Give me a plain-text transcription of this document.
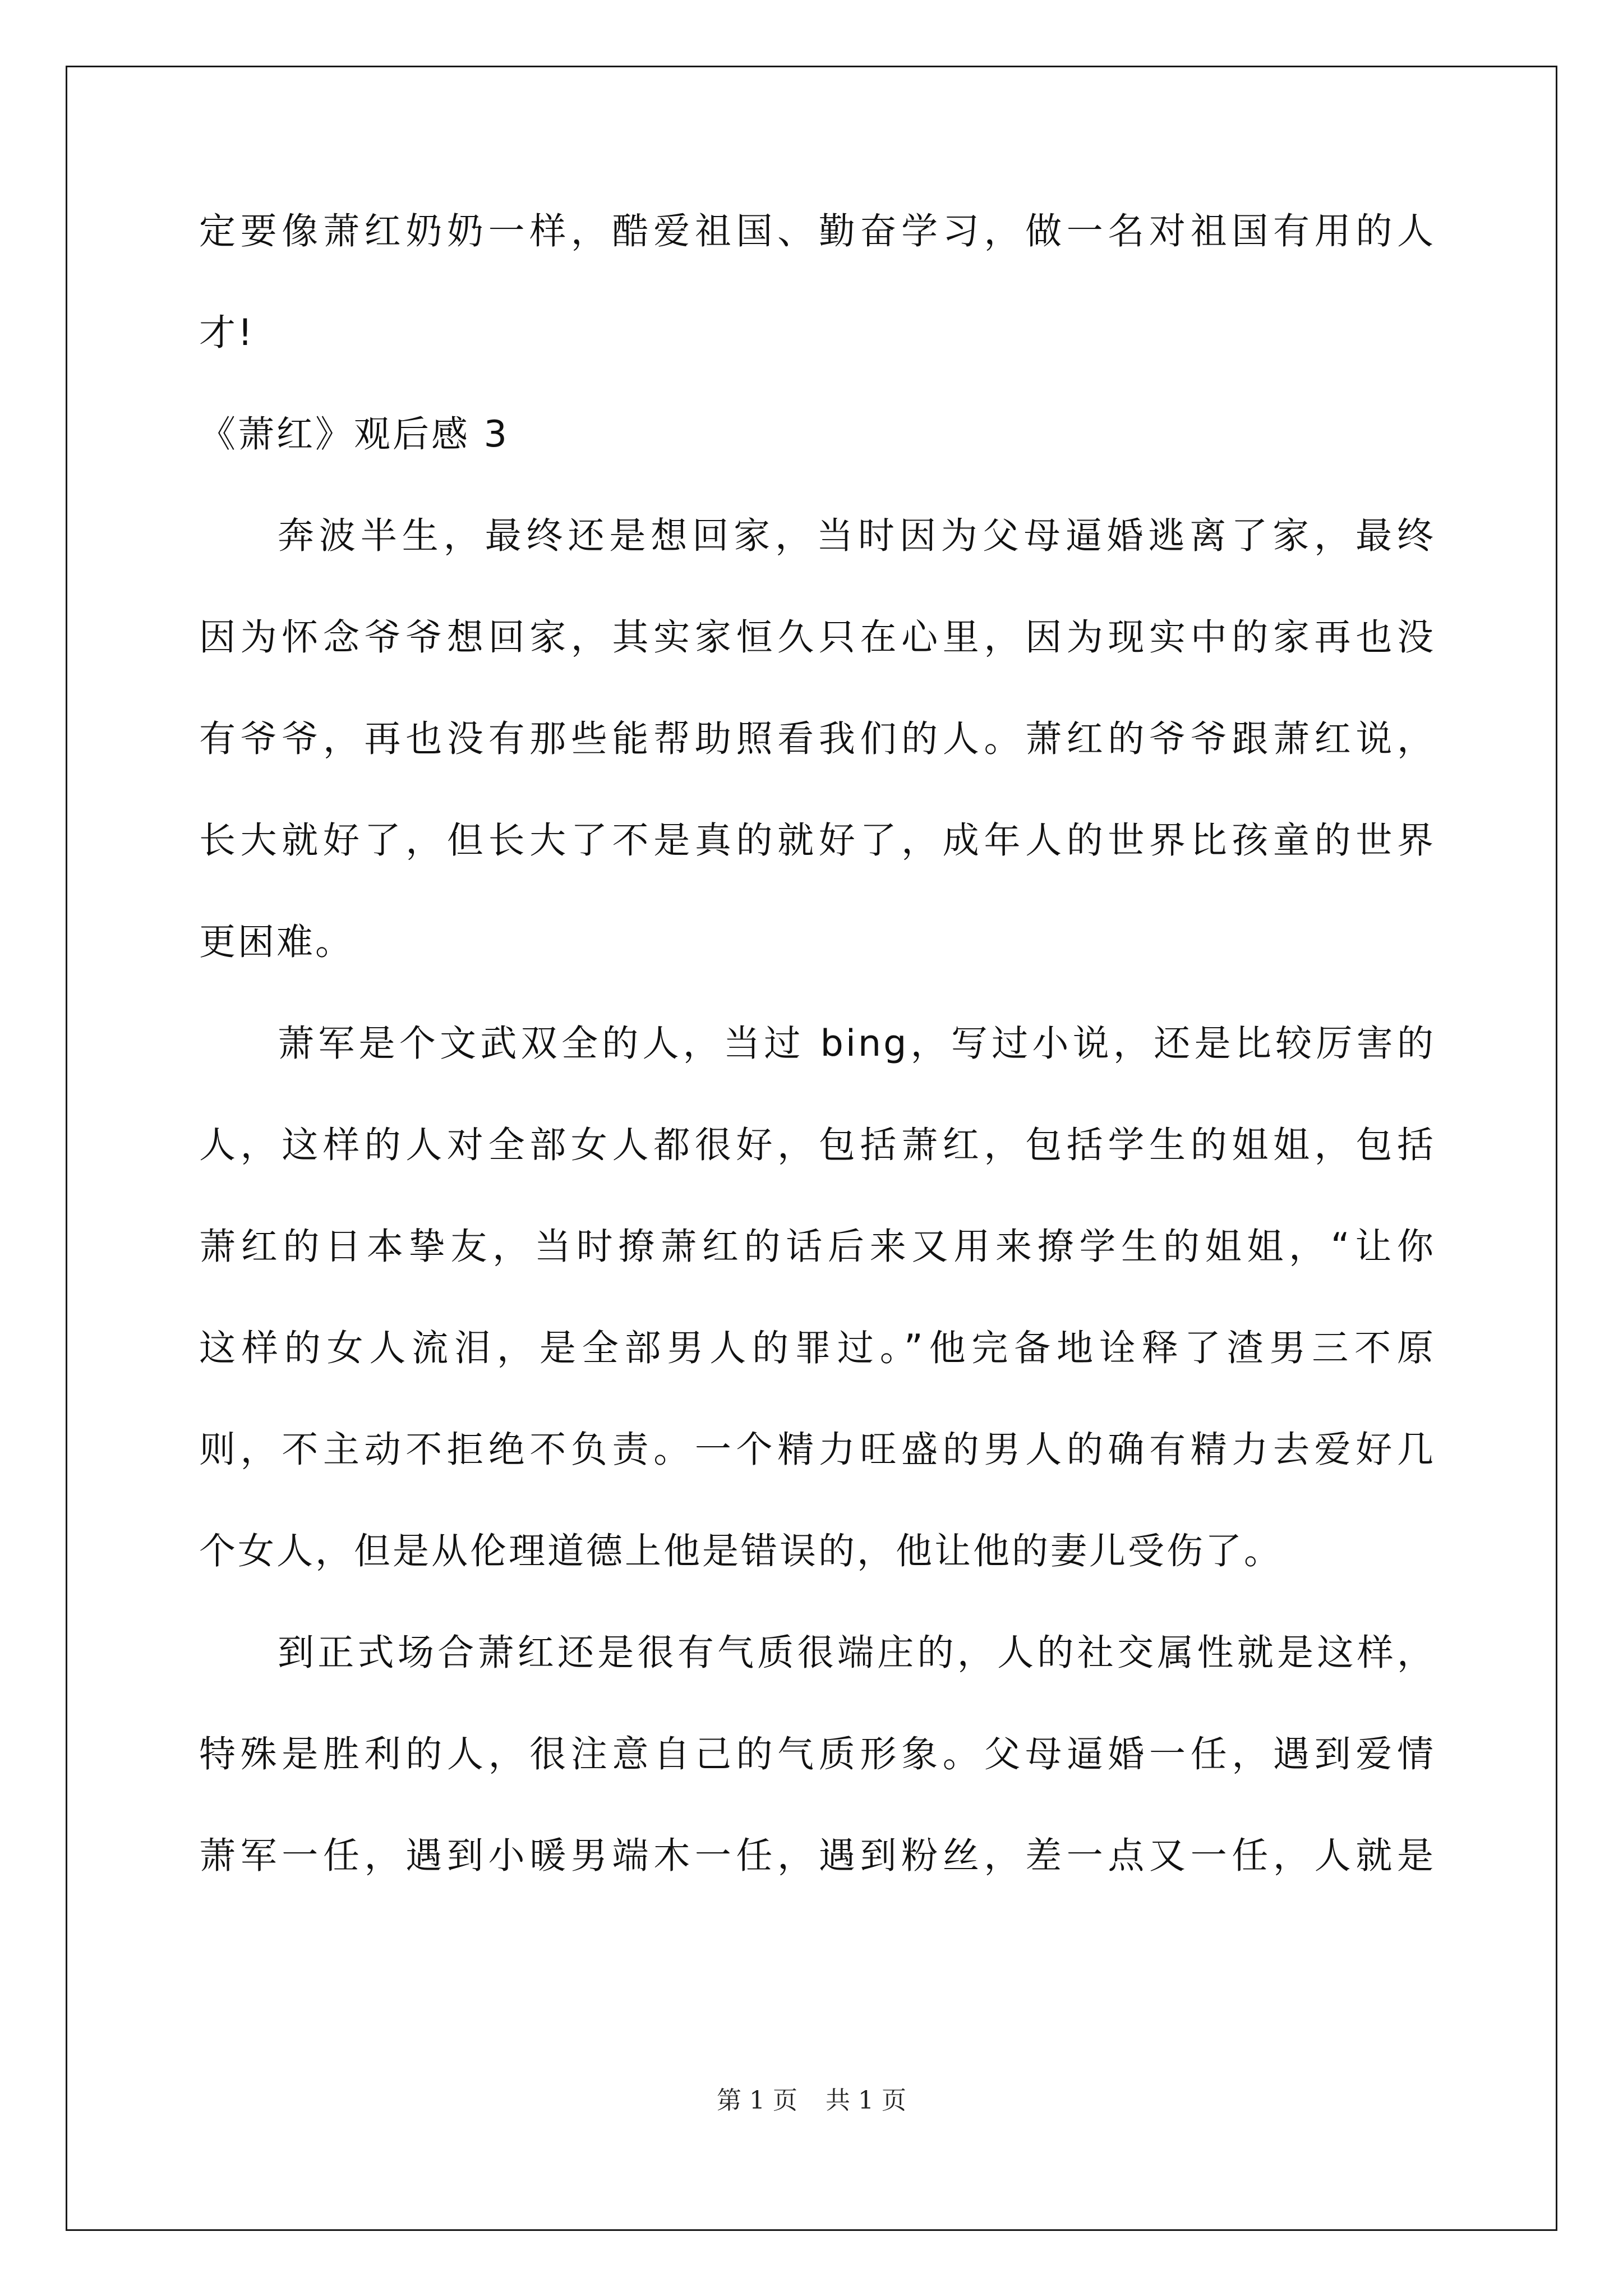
定要像萧红奶奶一样，酷爱祖国、勤奋学习，做一名对祖国有用的人
才!
《萧红》观后感 3
奔波半生，最终还是想回家，当时因为父母逼婚逃离了家，最终
因为怀念爷爷想回家，其实家恒久只在心里，因为现实中的家再也没
有爷爷，再也没有那些能帮助照看我们的人。萧红的爷爷跟萧红说，
长大就好了，但长大了不是真的就好了，成年人的世界比孩童的世界
更困难。
萧军是个文武双全的人，当过 bing，写过小说，还是比较厉害的
人，这样的人对全部女人都很好，包括萧红，包括学生的姐姐，包括
萧红的日本挚友，当时撩萧红的话后来又用来撩学生的姐姐，“让你
这样的女人流泪，是全部男人的罪过。”他完备地诠释了渣男三不原
则，不主动不拒绝不负责。一个精力旺盛的男人的确有精力去爱好几
个女人，但是从伦理道德上他是错误的，他让他的妻儿受伤了。
到正式场合萧红还是很有气质很端庄的，人的社交属性就是这样，
特殊是胜利的人，很注意自己的气质形象。父母逼婚一任，遇到爱情
萧军一任，遇到小暖男端木一任，遇到粉丝，差一点又一任，人就是
第 1 页 共 1 页
